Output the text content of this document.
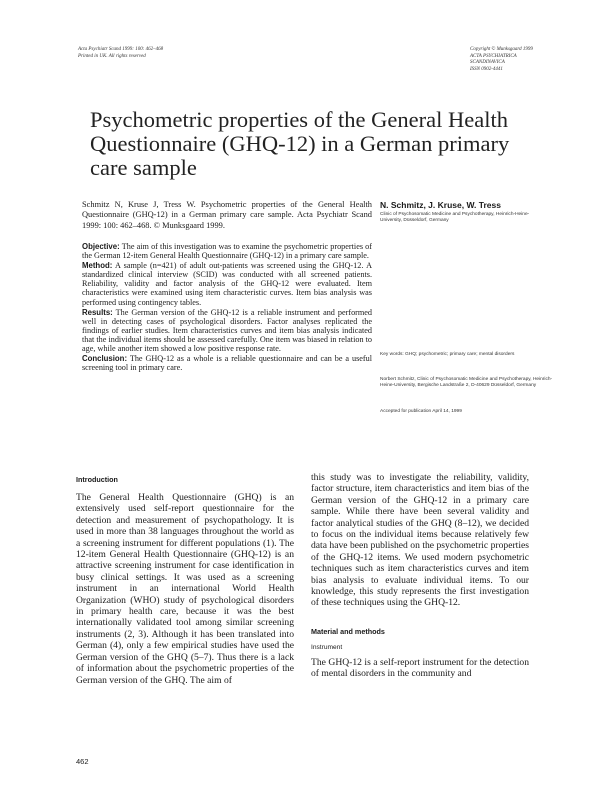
Acta Psychiatr Scand 1999: 100: 462–468
Printed in UK. All rights reserved
Copyright © Munksgaard 1999
ACTA PSYCHIATRICA
SCANDINAVICA
ISSN 0902-4441
Psychometric properties of the General Health Questionnaire (GHQ-12) in a German primary care sample
Schmitz N, Kruse J, Tress W. Psychometric properties of the General Health Questionnaire (GHQ-12) in a German primary care sample. Acta Psychiatr Scand 1999: 100: 462–468. © Munksgaard 1999.
N. Schmitz, J. Kruse, W. Tress
Clinic of Psychosomatic Medicine and Psychotherapy, Heinrich-Heine-University, Düsseldorf, Germany

Objective: The aim of this investigation was to examine the psychometric properties of the German 12-item General Health Questionnaire (GHQ-12) in a primary care sample.

Method: A sample (n=421) of adult out-patients was screened using the GHQ-12. A standardized clinical interview (SCID) was conducted with all screened patients. Reliability, validity and factor analysis of the GHQ-12 were evaluated. Item characteristics were examined using item characteristic curves. Item bias analysis was performed using contingency tables.

Results: The German version of the GHQ-12 is a reliable instrument and performed well in detecting cases of psychological disorders. Factor analyses replicated the findings of earlier studies. Item characteristics curves and item bias analysis indicated that the individual items should be assessed carefully. One item was biased in relation to age, while another item showed a low positive response rate.

Conclusion: The GHQ-12 as a whole is a reliable questionnaire and can be a useful screening tool in primary care.

Key words: GHQ; psychometric; primary care; mental disorders
Norbert Schmitz, Clinic of Psychosomatic Medicine and Psychotherapy, Heinrich-Heine-University, Bergische Landstraße 2, D-40629 Düsseldorf, Germany
Accepted for publication April 14, 1999
Introduction

The General Health Questionnaire (GHQ) is an extensively used self-report questionnaire for the detection and measurement of psychopathology. It is used in more than 38 languages throughout the world as a screening instrument for different populations (1). The 12-item General Health Questionnaire (GHQ-12) is an attractive screening instrument for case identification in busy clinical settings. It was used as a screening instrument in an international World Health Organization (WHO) study of psychological disorders in primary health care, because it was the best internationally validated tool among similar screening instruments (2, 3). Although it has been translated into German (4), only a few empirical studies have used the German version of the GHQ (5–7). Thus there is a lack of information about the psychometric properties of the German version of the GHQ. The aim of

this study was to investigate the reliability, validity, factor structure, item characteristics and item bias of the German version of the GHQ-12 in a primary care sample. While there have been several validity and factor analytical studies of the GHQ (8–12), we decided to focus on the individual items because relatively few data have been published on the psychometric properties of the GHQ-12 items. We used modern psychometric techniques such as item characteristics curves and item bias analysis to evaluate individual items. To our knowledge, this study represents the first investigation of these techniques using the GHQ-12.

Material and methods
Instrument

The GHQ-12 is a self-report instrument for the detection of mental disorders in the community and

462
